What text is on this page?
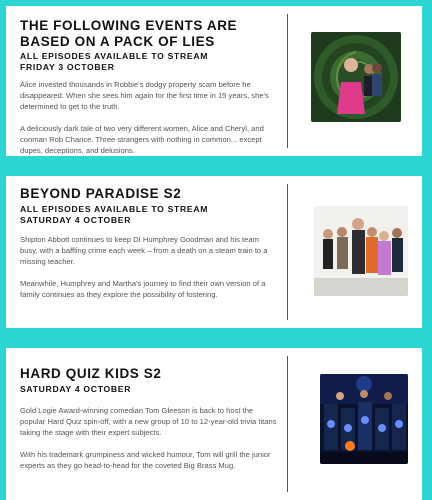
THE FOLLOWING EVENTS ARE BASED ON A PACK OF LIES
ALL EPISODES AVAILABLE TO STREAM
FRIDAY 3 OCTOBER

Alice invested thousands in Robbie's dodgy property scam before he disappeared. When she sees him again for the first time in 15 years, she's determined to get to the truth.

A deliciously dark tale of two very different women, Alice and Cheryl, and conman Rob Chance. Three strangers with nothing in common... except dupes, deceptions, and delusions.

BEYOND PARADISE S2
ALL EPISODES AVAILABLE TO STREAM
SATURDAY 4 OCTOBER

Shipton Abbott continues to keep DI Humphrey Goodman and his team busy, with a baffling crime each week – from a death on a steam train to a missing teacher.

Meanwhile, Humphrey and Martha's journey to find their own version of a family continues as they explore the possibility of fostering.

HARD QUIZ KIDS S2
SATURDAY 4 OCTOBER

Gold Logie Award-winning comedian Tom Gleeson is back to host the popular Hard Quiz spin-off, with a new group of 10 to 12-year-old trivia titans taking the stage with their expert subjects.

With his trademark grumpiness and wicked humour, Tom will grill the junior experts as they go head-to-head for the coveted Big Brass Mug.
